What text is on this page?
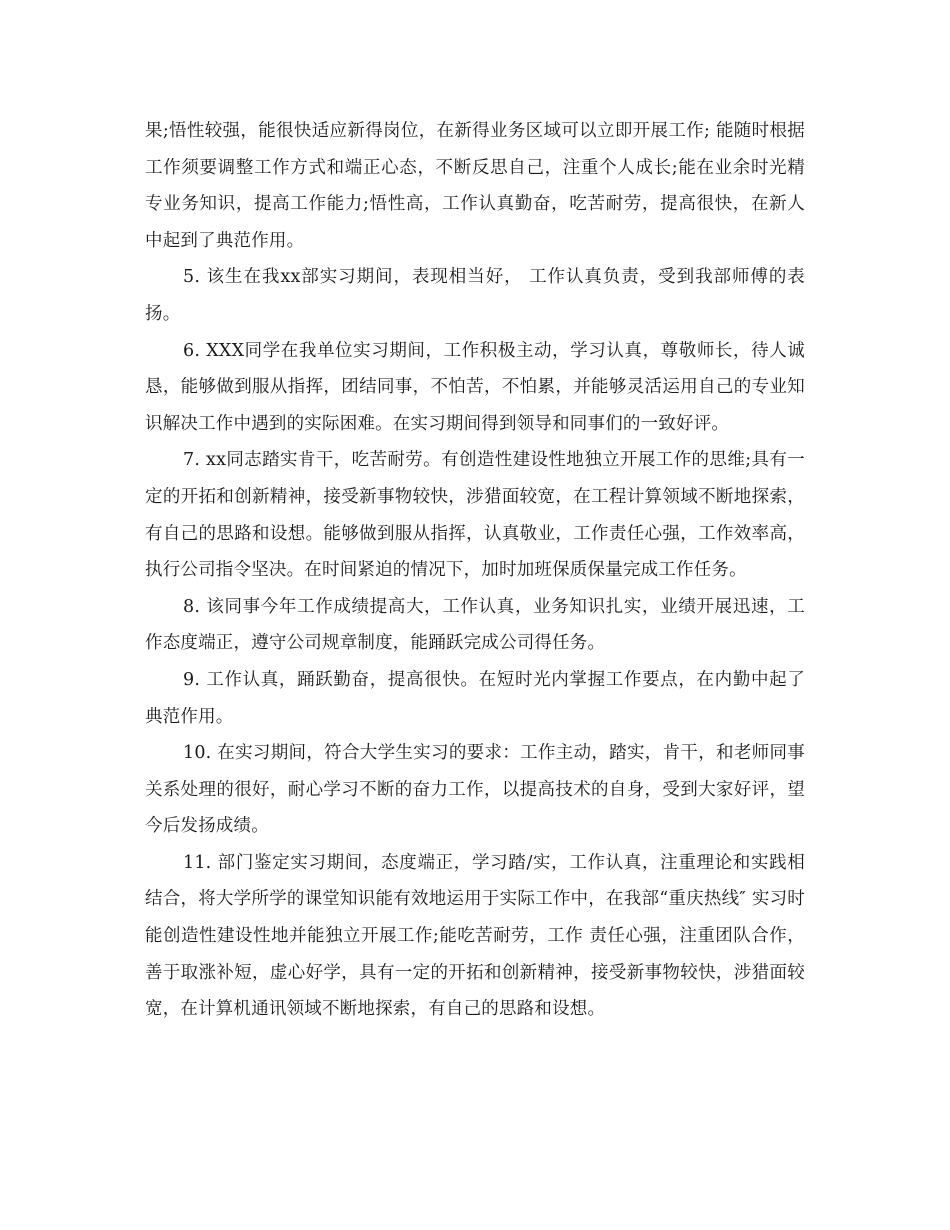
果;悟性较强，能很快适应新得岗位，在新得业务区域可以立即开展工作; 能随时根据工作须要调整工作方式和端正心态，不断反思自己，注重个人成长;能在业余时光精专业务知识，提高工作能力;悟性高，工作认真勤奋，吃苦耐劳，提高很快，在新人中起到了典范作用。

5. 该生在我xx部实习期间，表现相当好， 工作认真负责，受到我部师傅的表扬。

6. XXX同学在我单位实习期间，工作积极主动，学习认真，尊敬师长，待人诚恳，能够做到服从指挥，团结同事，不怕苦，不怕累，并能够灵活运用自己的专业知识解决工作中遇到的实际困难。在实习期间得到领导和同事们的一致好评。

7. xx同志踏实肯干，吃苦耐劳。有创造性建设性地独立开展工作的思维;具有一定的开拓和创新精神，接受新事物较快，涉猎面较宽，在工程计算领域不断地探索，有自己的思路和设想。能够做到服从指挥，认真敬业，工作责任心强，工作效率高，执行公司指令坚决。在时间紧迫的情况下，加时加班保质保量完成工作任务。

8. 该同事今年工作成绩提高大，工作认真，业务知识扎实，业绩开展迅速，工作态度端正，遵守公司规章制度，能踊跃完成公司得任务。

9. 工作认真，踊跃勤奋，提高很快。在短时光内掌握工作要点，在内勤中起了典范作用。

10. 在实习期间，符合大学生实习的要求：工作主动，踏实，肯干，和老师同事关系处理的很好，耐心学习不断的奋力工作，以提高技术的自身，受到大家好评，望今后发扬成绩。

11. 部门鉴定实习期间，态度端正，学习踏/实，工作认真，注重理论和实践相结合，将大学所学的课堂知识能有效地运用于实际工作中，在我部“重庆热线″ 实习时能创造性建设性地并能独立开展工作;能吃苦耐劳，工作 责任心强，注重团队合作，善于取涨补短，虚心好学，具有一定的开拓和创新精神，接受新事物较快，涉猎面较宽，在计算机通讯领域不断地探索，有自己的思路和设想。
